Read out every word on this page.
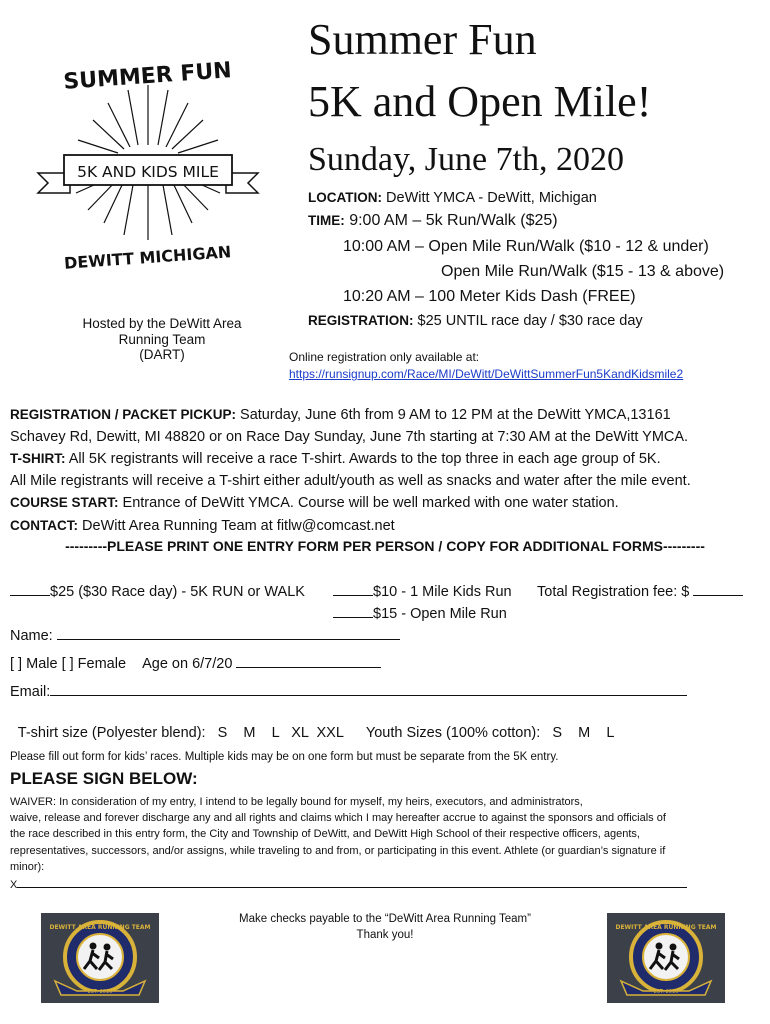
SUMMER FUN
5K AND KIDS MILE
DEWITT MICHIGAN
Hosted by the DeWitt Area
Running Team
(DART)
Summer Fun
5K and Open Mile!
Sunday, June 7th, 2020
LOCATION: DeWitt YMCA - DeWitt, Michigan
TIME: 9:00 AM – 5k Run/Walk ($25)
10:00 AM – Open Mile Run/Walk ($10 - 12 & under)
Open Mile Run/Walk ($15 - 13 & above)
10:20 AM – 100 Meter Kids Dash (FREE)
REGISTRATION: $25 UNTIL race day / $30 race day
Online registration only available at:
https://runsignup.com/Race/MI/DeWitt/DeWittSummerFun5KandKidsmile2
REGISTRATION / PACKET PICKUP: Saturday, June 6th from 9 AM to 12 PM at the DeWitt YMCA,13161
Schavey Rd, Dewitt, MI 48820 or on Race Day Sunday, June 7th starting at 7:30 AM at the DeWitt YMCA.
T-SHIRT: All 5K registrants will receive a race T-shirt. Awards to the top three in each age group of 5K.
All Mile registrants will receive a T-shirt either adult/youth as well as snacks and water after the mile event.
COURSE START: Entrance of DeWitt YMCA. Course will be well marked with one water station.
CONTACT: DeWitt Area Running Team at fitlw@comcast.net
---------PLEASE PRINT ONE ENTRY FORM PER PERSON / COPY FOR ADDITIONAL FORMS---------
$25 ($30 Race day) - 5K RUN or WALK	$10 - 1 Mile Kids Run Total Registration fee: $
$15 - Open Mile Run
Name:
[ ] Male [ ] Female Age on 6/7/20
Email:

T-shirt size (Polyester blend):   S    M    L   XL  XXL Youth Sizes (100% cotton):   S    M    L

Please fill out form for kids’ races. Multiple kids may be on one form but must be separate from the 5K entry.
PLEASE SIGN BELOW:
WAIVER: In consideration of my entry, I intend to be legally bound for myself, my heirs, executors, and administrators,
waive, release and forever discharge any and all rights and claims which I may hereafter accrue to against the sponsors and officials of
the race described in this entry form, the City and Township of DeWitt, and DeWitt High School of their respective officers, agents,
representatives, successors, and/or assigns, while traveling to and from, or participating in this event. Athlete (or guardian’s signature if
minor):
X
Make checks payable to the “DeWitt Area Running Team”
Thank you!
EST. 2016
DEWITT AREA RUNNING TEAM
EST. 2016
DEWITT AREA RUNNING TEAM
